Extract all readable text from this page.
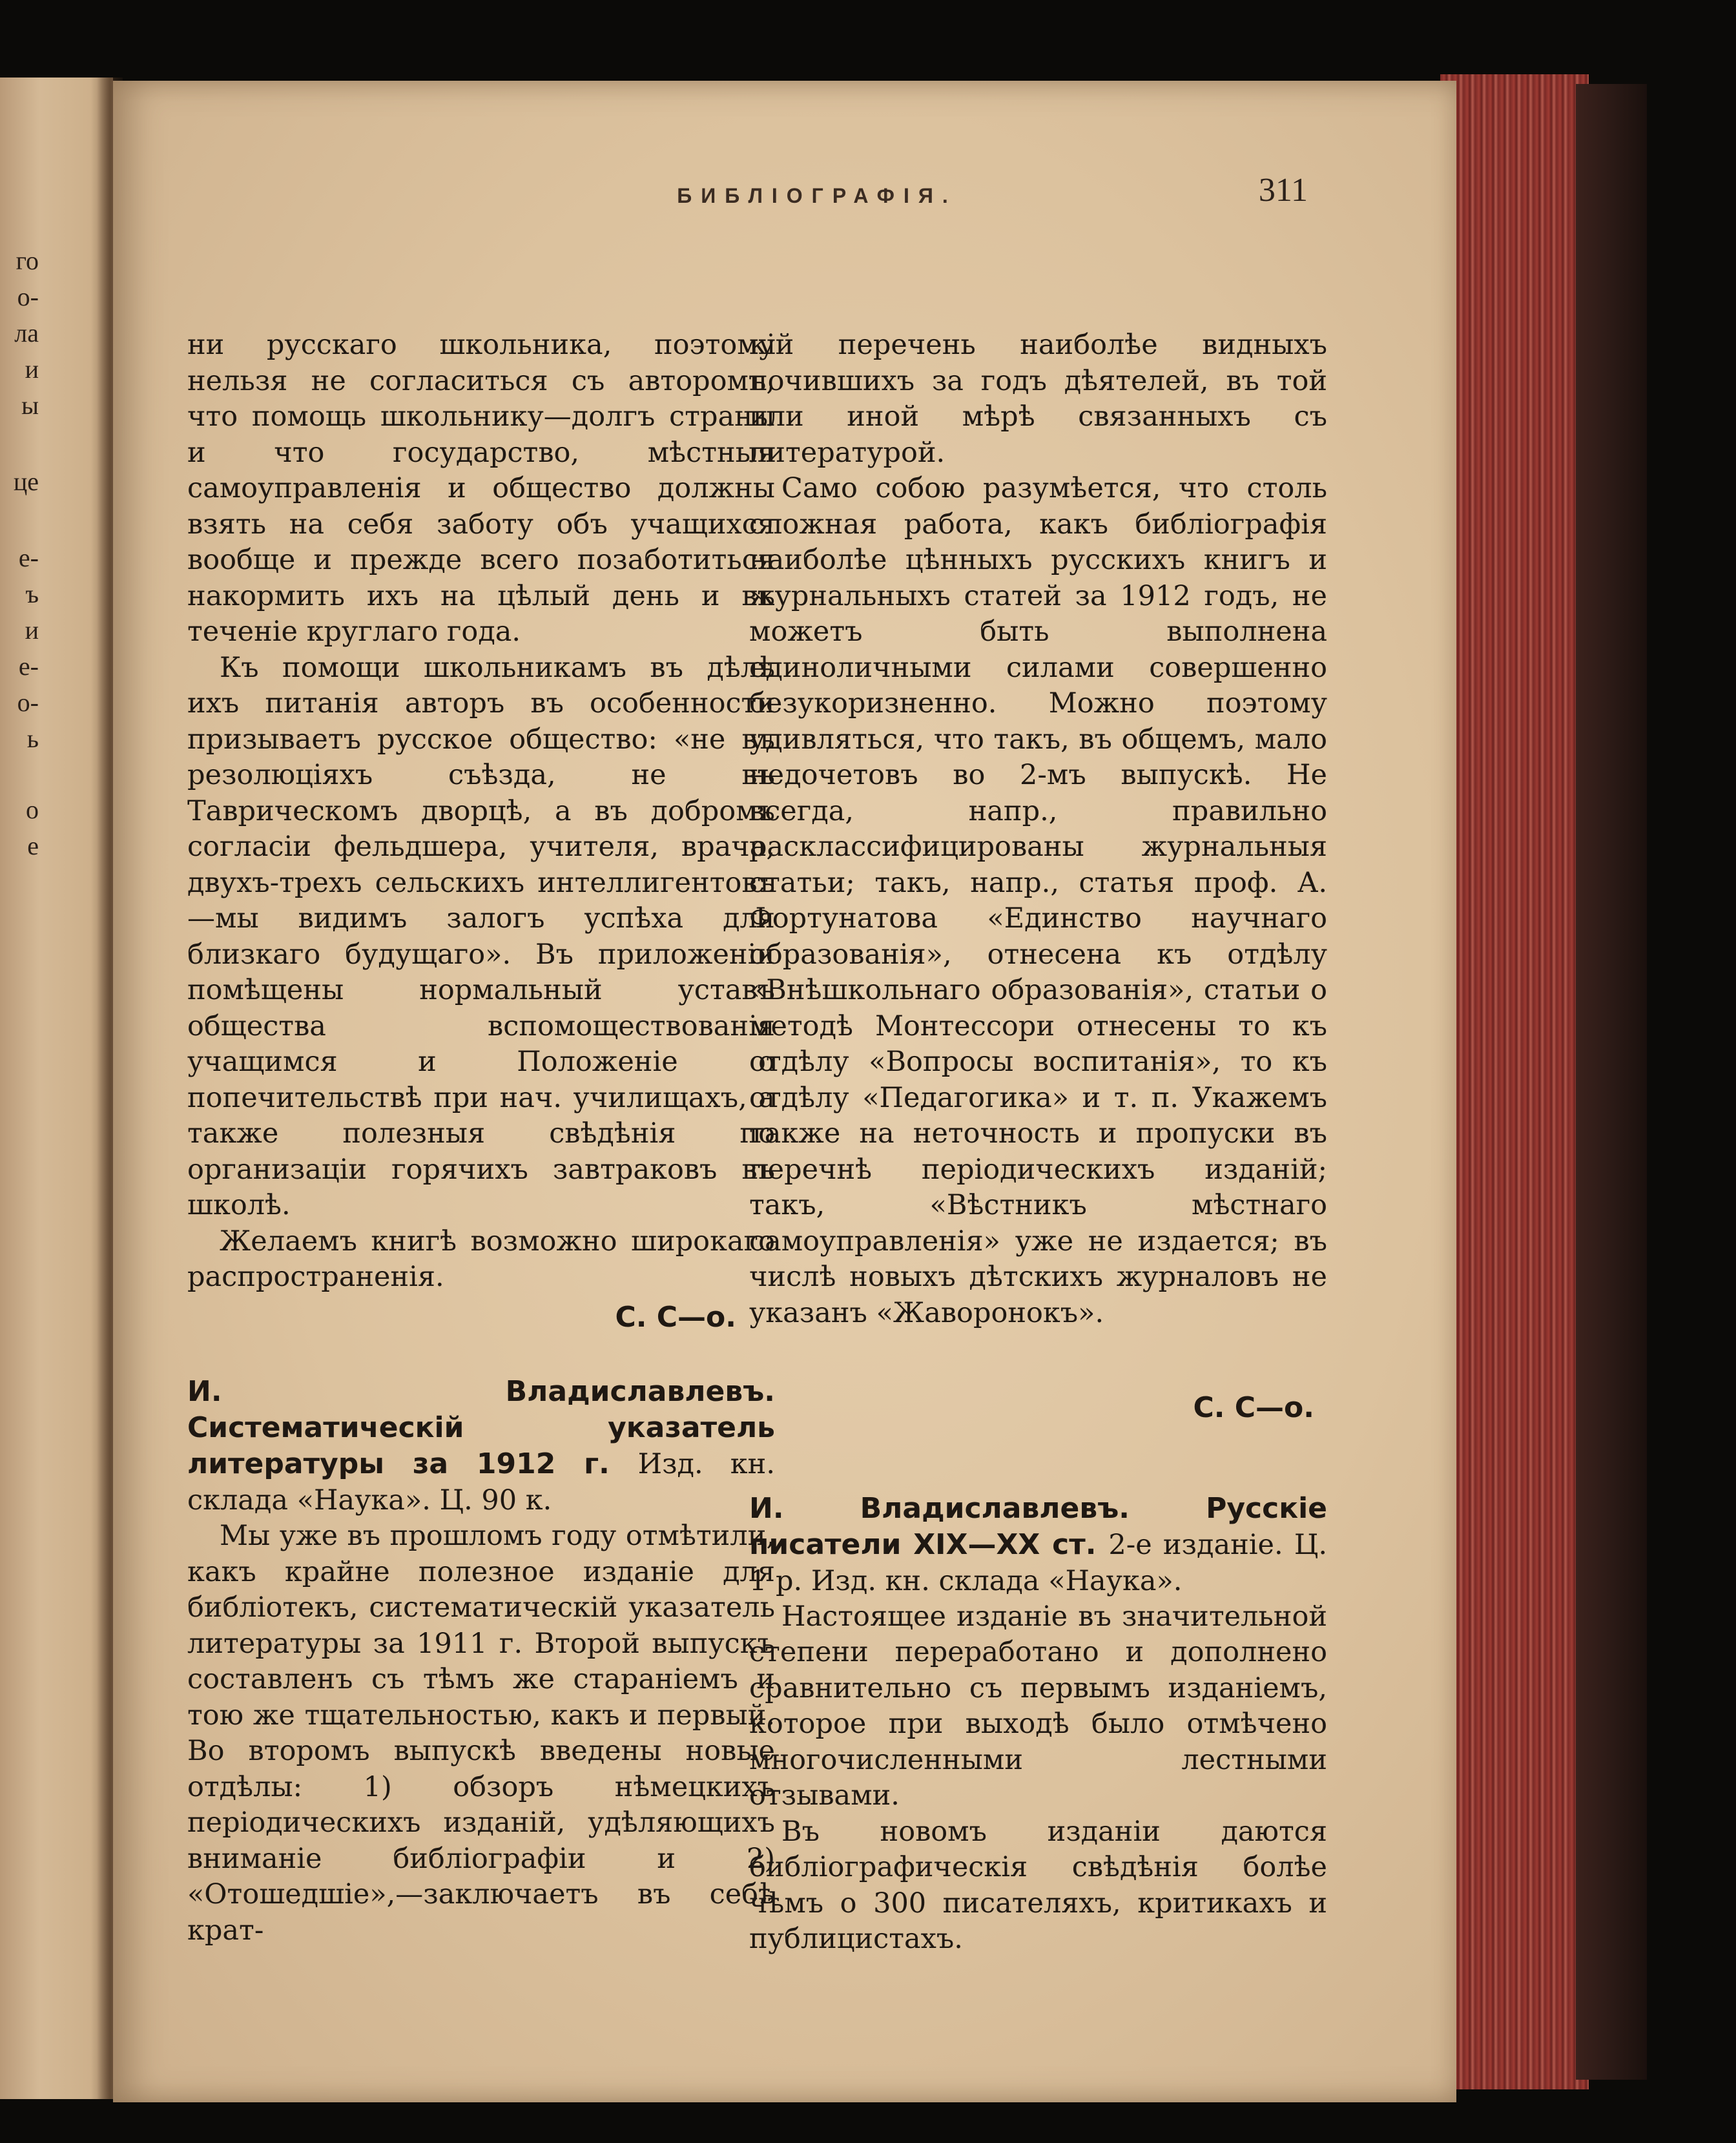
го
о-
ла
и
ы
це
е-
ъ
и
е-
о-
ь
о
е
БИБЛІОГРАФІЯ.	311

ни русскаго школьника, поэтому нельзя не согласиться съ авторомъ, что помощь школьнику—долгъ страны и что государство, мѣстныя самоуправленія и общество должны взять на себя заботу объ учащихся вообще и прежде всего позаботиться накормить ихъ на цѣлый день и въ теченіе круглаго года.

Къ помощи школьникамъ въ дѣлѣ ихъ питанія авторъ въ особенности призываетъ русское общество: «не въ резолюціяхъ съѣзда, не въ Таврическомъ дворцѣ, а въ добромъ согласіи фельдшера, учителя, врача, двухъ-трехъ сельскихъ интеллигентовъ—мы видимъ залогъ успѣха для близкаго будущаго». Въ приложеніи помѣщены нормальный уставъ общества вспомоществованія учащимся и Положеніе о попечительствѣ при нач. училищахъ, а также полезныя свѣдѣнія по организаціи горячихъ завтраковъ въ школѣ.

Желаемъ книгѣ возможно широкаго распространенія.

С. С—о.

И. Владиславлевъ. Систематическій указатель литературы за 1912 г. Изд. кн. склада «Наука». Ц. 90 к.

Мы уже въ прошломъ году отмѣтили, какъ крайне полезное изданіе для библіотекъ, систематическій указатель литературы за 1911 г. Второй выпускъ составленъ съ тѣмъ же стараніемъ и тою же тщательностью, какъ и первый. Во второмъ выпускѣ введены новые отдѣлы: 1) обзоръ нѣмецкихъ періодическихъ изданій, удѣляющихъ вниманіе библіографіи и 2) «Отошедшіе»,—заключаетъ въ себѣ крат-

кій перечень наиболѣе видныхъ почившихъ за годъ дѣятелей, въ той или иной мѣрѣ связанныхъ съ литературой.

Само собою разумѣется, что столь сложная работа, какъ библіографія наиболѣе цѣнныхъ русскихъ книгъ и журнальныхъ статей за 1912 годъ, не можетъ быть выполнена единоличными силами совершенно безукоризненно. Можно поэтому удивляться, что такъ, въ общемъ, мало недочетовъ во 2-мъ выпускѣ. Не всегда, напр., правильно расклассифицированы журнальныя статьи; такъ, напр., статья проф. А. Фортунатова «Единство научнаго образованія», отнесена къ отдѣлу «Внѣшкольнаго образованія», статьи о методѣ Монтессори отнесены то къ отдѣлу «Вопросы воспитанія», то къ отдѣлу «Педагогика» и т. п. Укажемъ также на неточность и пропуски въ перечнѣ періодическихъ изданій; такъ, «Вѣстникъ мѣстнаго самоуправленія» уже не издается; въ числѣ новыхъ дѣтскихъ журналовъ не указанъ «Жаворонокъ».

С. С—о.

И. Владиславлевъ. Русскіе писатели XIX—XX ст. 2-е изданіе. Ц. 1 р. Изд. кн. склада «Наука».

Настоящее изданіе въ значительной степени переработано и дополнено сравнительно съ первымъ изданіемъ, которое при выходѣ было отмѣчено многочисленными лестными отзывами.

Въ новомъ изданіи даются библіографическія свѣдѣнія болѣе чѣмъ о 300 писателяхъ, критикахъ и публицистахъ.
